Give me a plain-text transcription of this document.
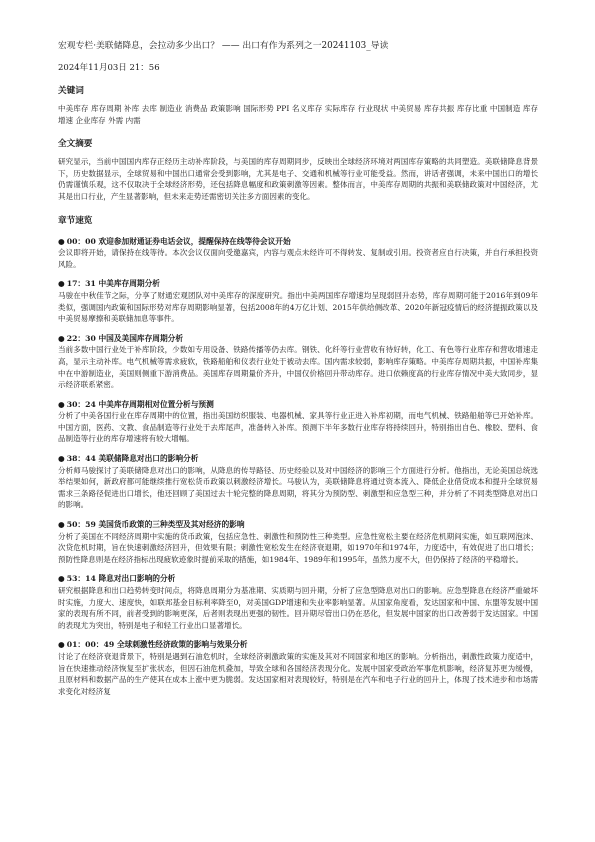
宏观专栏·美联储降息，会拉动多少出口？ —— 出口有作为系列之一20241103_导读
2024年11月03日 21：56
关键词

中美库存 库存周期 补库 去库 制造业 消费品 政策影响 国际形势 PPI 名义库存 实际库存 行业现状 中美贸易 库存共振 库存比重 中国制造 库存增速 企业库存 外需 内需

全文摘要

研究显示，当前中国国内库存正经历主动补库阶段，与美国的库存周期同步，反映出全球经济环境对两国库存策略的共同塑造。美联储降息背景下，历史数据显示，全球贸易和中国出口通常会受到影响，尤其是电子、交通和机械等行业可能受益。然而，讲话者强调，未来中国出口的增长仍需谨慎乐观，这不仅取决于全球经济形势，还包括降息幅度和政策刺激等因素。整体而言，中美库存周期的共振和美联储政策对中国经济，尤其是出口行业，产生显著影响，但未来走势还需密切关注多方面因素的变化。

章节速览

● 00：00 欢迎参加财通证券电话会议，提醒保持在线等待会议开始

会议即将开始，请保持在线等待。本次会议仅面向受邀嘉宾，内容与观点未经许可不得转发、复制或引用。投资者应自行决策，并自行承担投资风险。

● 17：31 中美库存周期分析

马骏在中秋佳节之际，分享了财通宏观团队对中美库存的深度研究。指出中美两国库存增速均呈现弱回升态势，库存周期可能于2016年到09年类似，强调国内政策和国际形势对库存周期影响显著，包括2008年的4万亿计划、2015年供给侧改革、2020年新冠疫情后的经济提振政策以及中美贸易摩擦和美联储加息等事件。

● 22：30 中国及美国库存周期分析

当前多数中国行业处于补库阶段，少数如专用设备、铁路传播等仍去库。钢铁、化纤等行业营收有待好转，化工、有色等行业库存和营收增速走高，显示主动补库。电气机械等需求疲软，铁路船舶和仪表行业处于被动去库。国内需求较弱，影响库存策略。中美库存周期共振，中国补库集中在中游制造业，美国则侧重下游消费品。美国库存周期量价齐升，中国仅价格回升带动库存。进口依赖度高的行业库存情况中美大致同步，显示经济联系紧密。

● 30：24 中美库存周期相对位置分析与预测

分析了中美各国行业在库存周期中的位置，指出美国纺织服装、电器机械、家具等行业正进入补库初期，而电气机械、铁路船舶等已开始补库。中国方面，医药、文教、食品制造等行业处于去库尾声，准备转入补库。预测下半年多数行业库存将持续回升，特别指出自色、橡胶、塑料、食品制造等行业的库存增速将有较大增幅。

● 38：44 美联储降息对出口的影响分析

分析师马骏探讨了美联储降息对出口的影响，从降息的传导路径、历史经验以及对中国经济的影响三个方面进行分析。他指出，无论美国总统选举结果如何，新政府都可能继续推行宽松货币政策以刺激经济增长。马骏认为，美联储降息将通过资本流入、降低企业借贷成本和提升全球贸易需求三条路径促进出口增长，他还回顾了美国过去十轮完整的降息周期，将其分为预防型、刺激型和应急型三种，并分析了不同类型降息对出口的影响。

● 50：59 美国货币政策的三种类型及其对经济的影响

分析了美国在不同经济周期中实施的货币政策，包括应急性、刺激性和预防性三种类型。应急性宽松主要在经济危机期间实施，如互联网泡沫、次贷危机时期，旨在快速刺激经济回升，但效果有限；刺激性宽松发生在经济衰退期，如1970年和1974年，力度适中，有效促进了出口增长；预防性降息则是在经济指标出现疲软迹象时提前采取的措施，如1984年、1989年和1995年，虽然力度不大，但仍保持了经济的平稳增长。

● 53：14 降息对出口影响的分析

研究根据降息和出口趋势转变时间点，将降息周期分为基准期、实质期与回升期，分析了应急型降息对出口的影响。应急型降息在经济严重破坏时实施，力度大、速度快，如联邦基金目标利率降至0，对美国GDP增速和失业率影响显著。从国家角度看，发达国家和中国、东盟等发展中国家的表现有所不同，前者受到的影响更深，后者则表现出更强的韧性。回升期尽管出口仍在恶化，但发展中国家的出口改善弱于发达国家。中国的表现尤为突出，特别是电子和轻工行业出口显著增长。

● 01：00：49 全球刺激性经济政策的影响与效果分析

讨论了在经济衰退背景下，特别是遇到石油危机时，全球经济刺激政策的实施及其对不同国家和地区的影响。分析指出，刺激性政策力度适中，旨在快速推动经济恢复至扩张状态，但因石油危机叠加，导致全球和各国经济表现分化。发展中国家受政治军事危机影响，经济复苏更为缓慢，且原材料和数据产品的生产使其在成本上涨中更为脆弱。发达国家相对表现较好，特别是在汽车和电子行业的回升上，体现了技术进步和市场需求变化对经济复
